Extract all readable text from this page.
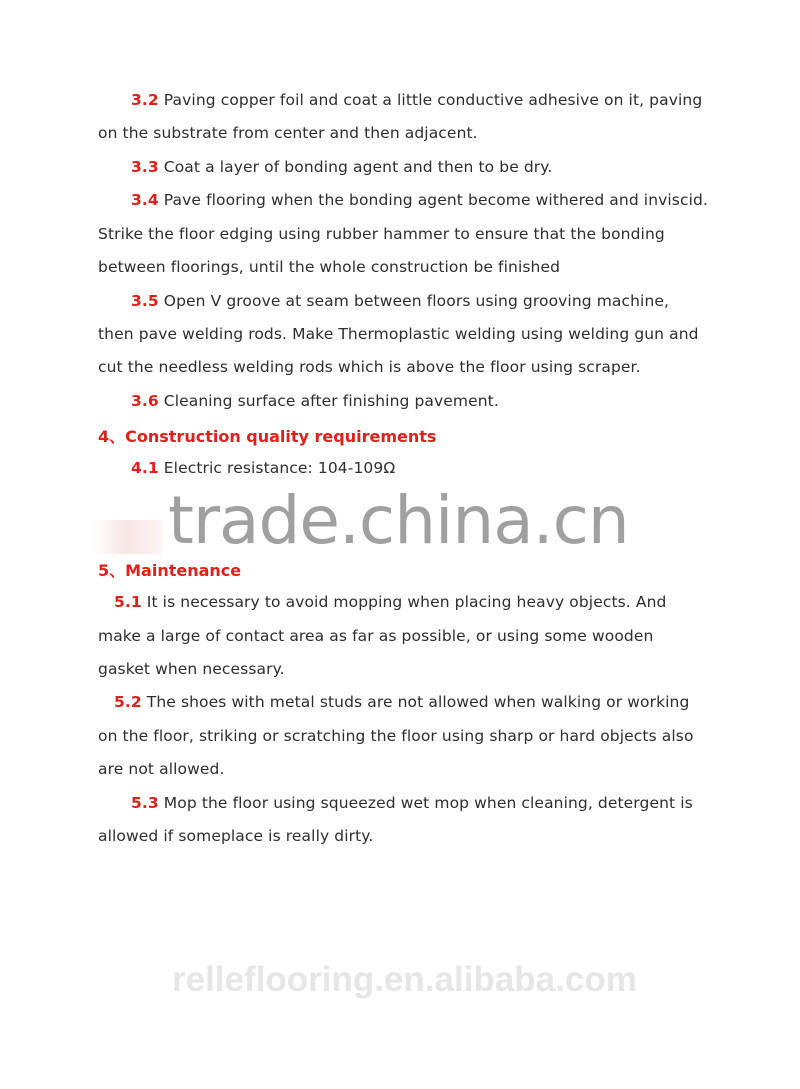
3.2 Paving copper foil and coat a little conductive adhesive on it, paving
on the substrate from center and then adjacent.
3.3 Coat a layer of bonding agent and then to be dry.
3.4 Pave flooring when the bonding agent become withered and inviscid.
Strike the floor edging using rubber hammer to ensure that the bonding
between floorings, until the whole construction be finished
3.5 Open V groove at seam between floors using grooving machine,
then pave welding rods. Make Thermoplastic welding using welding gun and
cut the needless welding rods which is above the floor using scraper.
3.6 Cleaning surface after finishing pavement.
4、Construction quality requirements
4.1 Electric resistance: 104-109Ω
trade.china.cn
5、Maintenance
5.1 It is necessary to avoid mopping when placing heavy objects. And
make a large of contact area as far as possible, or using some wooden
gasket when necessary.
5.2 The shoes with metal studs are not allowed when walking or working
on the floor, striking or scratching the floor using sharp or hard objects also
are not allowed.
5.3 Mop the floor using squeezed wet mop when cleaning, detergent is
allowed if someplace is really dirty.
relleflooring.en.alibaba.com
